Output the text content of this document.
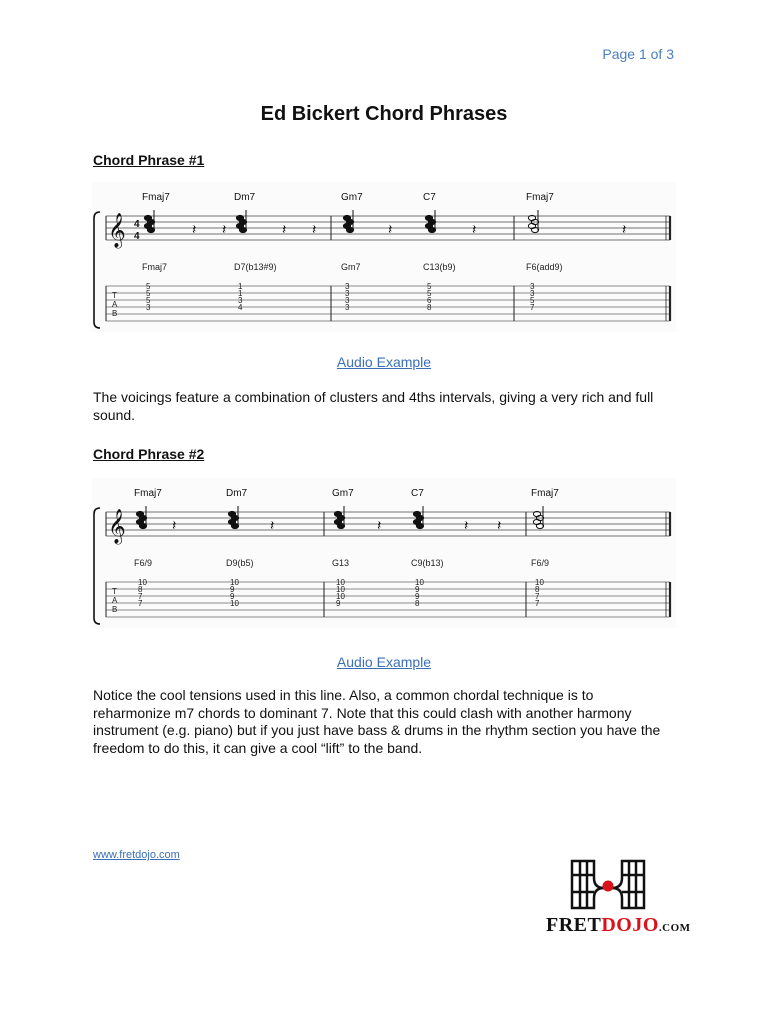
Page 1 of 3
Ed Bickert Chord Phrases
Chord Phrase #1
T
A
B
𝄞 4
4
Fmaj7
Fmaj7
5
5
5
3
Dm7
D7(b13#9)
1
1
3
4
Gm7
Gm7
3
3
3
3
C7
C13(b9)
5
5
6
8
Fmaj7
F6(add9)
3
3
5
7
𝄽 𝄽	𝄽 𝄽	𝄽	𝄽	𝄽
Audio Example
The voicings feature a combination of clusters and 4ths intervals, giving a very rich and full sound.
Chord Phrase #2
T
A
B
𝄞
Fmaj7
F6/9
10
8
7
7
Dm7
D9(b5)
10
9
9
10
Gm7
G13
10
10
10
9
C7
C9(b13)
10
9
9
8
Fmaj7
F6/9
10
8
7
7
𝄽	𝄽	𝄽	𝄽 𝄽
Audio Example
Notice the cool tensions used in this line. Also, a common chordal technique is to reharmonize m7 chords to dominant 7. Note that this could clash with another harmony instrument (e.g. piano) but if you just have bass & drums in the rhythm section you have the freedom to do this, it can give a cool “lift” to the band.
www.fretdojo.com
FRETDOJO.COM
